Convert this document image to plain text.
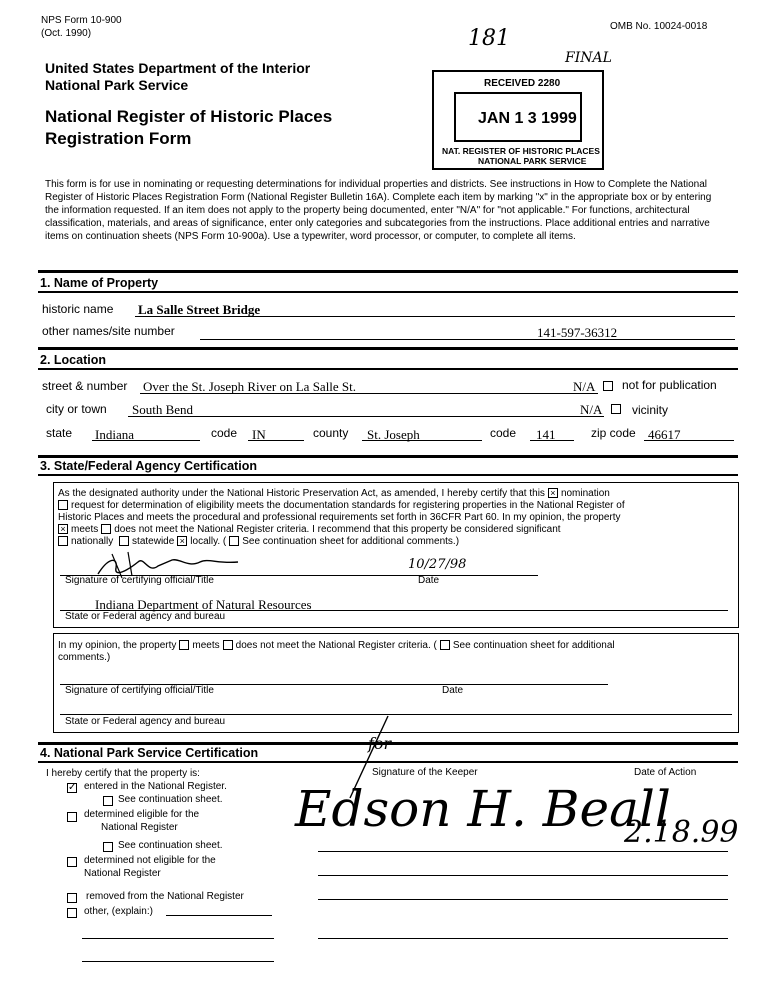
NPS Form 10-900
(Oct. 1990)
OMB No. 10024-0018
United States Department of the Interior
National Park Service
National Register of Historic Places
Registration Form
181
FINAL
RECEIVED 2280
JAN 1 3 1999
NAT. REGISTER OF HISTORIC PLACES
NATIONAL PARK SERVICE
This form is for use in nominating or requesting determinations for individual properties and districts. See instructions in How to Complete the National Register of Historic Places Registration Form (National Register Bulletin 16A). Complete each item by marking "x" in the appropriate box or by entering the information requested. If an item does not apply to the property being documented, enter "N/A" for "not applicable." For functions, architectural classification, materials, and areas of significance, enter only categories and subcategories from the instructions. Place additional entries and narrative items on continuation sheets (NPS Form 10-900a). Use a typewriter, word processor, or computer, to complete all items.
1. Name of Property
historic name La Salle Street Bridge
other names/site number	141-597-36312
2. Location
street & number Over the St. Joseph River on La Salle St.	N/A not for publication
city or town South Bend	N/A vicinity
state Indiana	code IN	county St. Joseph	code 141	zip code 46617
3. State/Federal Agency Certification
As the designated authority under the National Historic Preservation Act, as amended, I hereby certify that this × nomination
request for determination of eligibility meets the documentation standards for registering properties in the National Register of
Historic Places and meets the procedural and professional requirements set forth in 36CFR Part 60. In my opinion, the property
× meets does not meet the National Register criteria. I recommend that this property be considered significant
nationally statewide × locally. ( See continuation sheet for additional comments.)
10/27/98
Signature of certifying official/Title	Date
Indiana Department of Natural Resources
State or Federal agency and bureau
In my opinion, the property meets does not meet the National Register criteria. ( See continuation sheet for additional
comments.)
Signature of certifying official/Title	Date
State or Federal agency and bureau
4. National Park Service Certification	for
I hereby certify that the property is:	Signature of the Keeper	Date of Action
✓ entered in the National Register.
See continuation sheet. Edson H. Beall
2.18.99
determined eligible for the
National Register
See continuation sheet.
determined not eligible for the
National Register
removed from the National Register
other, (explain:)
